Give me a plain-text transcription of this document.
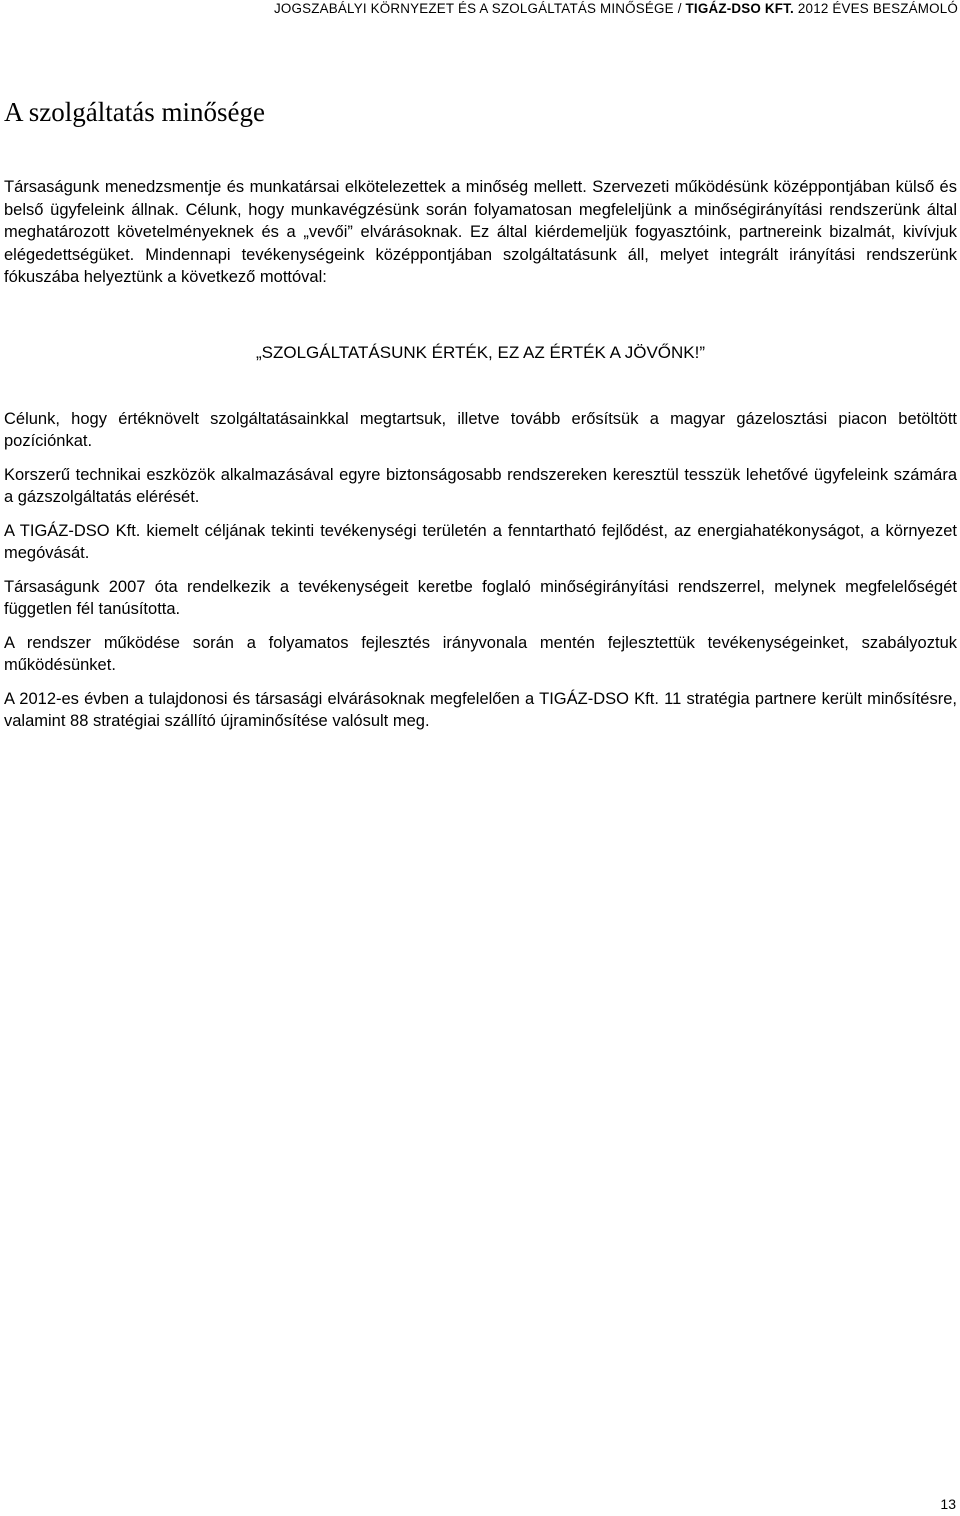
JOGSZABÁLYI KÖRNYEZET ÉS A SZOLGÁLTATÁS MINŐSÉGE / TIGÁZ-DSO KFT. 2012 ÉVES BESZÁMOLÓ
A szolgáltatás minősége

Társaságunk menedzsmentje és munkatársai elkötelezettek a minőség mellett. Szervezeti működésünk középpontjában külső és belső ügyfeleink állnak. Célunk, hogy munkavégzésünk során folyamatosan megfeleljünk a minőségirányítási rendszerünk által meghatározott követelményeknek és a „vevői” elvárásoknak. Ez által kiérdemeljük fogyasztóink, partnereink bizalmát, kivívjuk elégedettségüket. Mindennapi tevékenységeink középpontjában szolgáltatásunk áll, melyet integrált irányítási rendszerünk fókuszába helyeztünk a következő mottóval:

„SZOLGÁLTATÁSUNK ÉRTÉK, EZ AZ ÉRTÉK A JÖVŐNK!”

Célunk, hogy értéknövelt szolgáltatásainkkal megtartsuk, illetve tovább erősítsük a magyar gázelosztási piacon betöltött pozíciónkat.

Korszerű technikai eszközök alkalmazásával egyre biztonságosabb rendszereken keresztül tesszük lehetővé ügyfeleink számára a gázszolgáltatás elérését.

A TIGÁZ-DSO Kft. kiemelt céljának tekinti tevékenységi területén a fenntartható fejlődést, az energiahatékonyságot, a környezet megóvását.

Társaságunk 2007 óta rendelkezik a tevékenységeit keretbe foglaló minőségirányítási rendszerrel, melynek megfelelőségét független fél tanúsította.

A rendszer működése során a folyamatos fejlesztés irányvonala mentén fejlesztettük tevékenységeinket, szabályoztuk működésünket.

A 2012-es évben a tulajdonosi és társasági elvárásoknak megfelelően a TIGÁZ-DSO Kft. 11 stratégia partnere került minősítésre, valamint 88 stratégiai szállító újraminősítése valósult meg.

13
